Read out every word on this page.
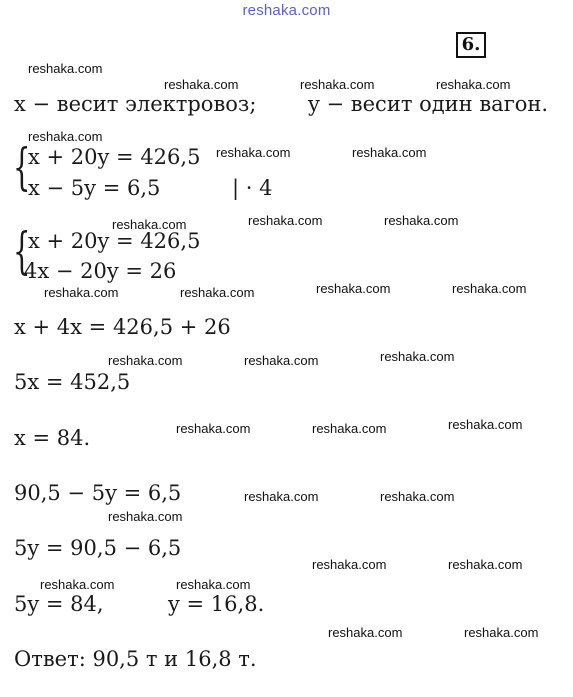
reshaka.com
6.
reshaka.com
reshaka.com	reshaka.com	reshaka.com
reshaka.com
reshaka.com	reshaka.com
reshaka.com	reshaka.com	reshaka.com
reshaka.com	reshaka.com	reshaka.com	reshaka.com
reshaka.com	reshaka.com	reshaka.com
reshaka.com	reshaka.com	reshaka.com
reshaka.com	reshaka.com
reshaka.com
reshaka.com	reshaka.com
reshaka.com	reshaka.com
reshaka.com	reshaka.com
x − весит электровоз; y − весит один вагон.
{
x + 20y = 426,5
x − 5y = 6,5	| · 4
{
x + 20y = 426,5
4x − 20y = 26
x + 4x = 426,5 + 26
5x = 452,5
x = 84.
90,5 − 5y = 6,5
5y = 90,5 − 6,5
5y = 84,	y = 16,8.
Ответ: 90,5 т и 16,8 т.
